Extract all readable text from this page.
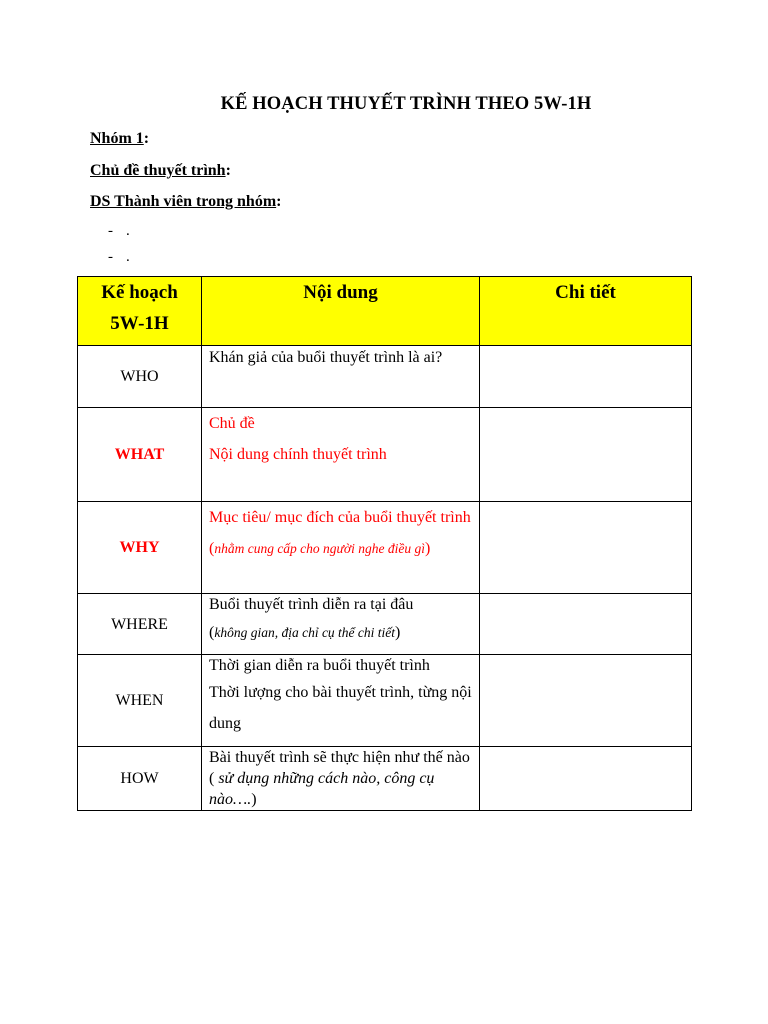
KẾ HOẠCH THUYẾT TRÌNH THEO 5W-1H
Nhóm 1:
Chủ đề thuyết trình:
DS Thành viên trong nhóm:
- .
- .
Kế hoạch
5W-1H	Nội dung	Chi tiết

WHO	Khán giả của buổi thuyết trình là ai?	

WHAT	Chủ đề
Nội dung chính thuyết trình	

WHY	Mục tiêu/ mục đích của buổi thuyết trình (nhằm cung cấp cho người nghe điều gì)	

WHERE	Buổi thuyết trình diễn ra tại đâu
(không gian, địa chỉ cụ thể chi tiết)	

WHEN	Thời gian diễn ra buổi thuyết trình
Thời lượng cho bài thuyết trình, từng nội dung	

HOW	Bài thuyết trình sẽ thực hiện như thế nào ( sử dụng những cách nào, công cụ nào….)	
